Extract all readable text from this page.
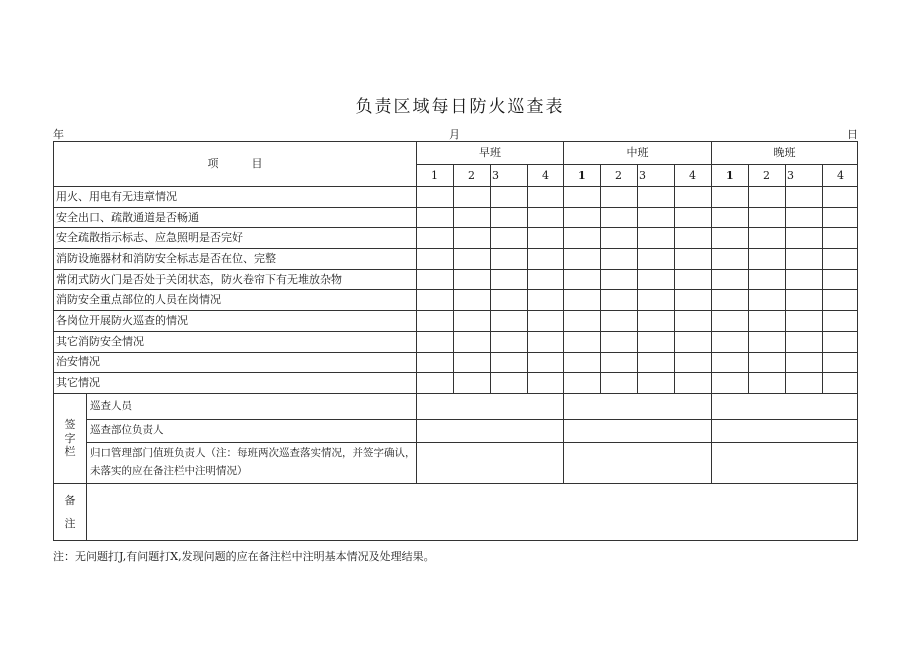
负责区域每日防火巡查表
年	月	日
项　　　目		早班				中班				晚班			
		1	2	3	4	1	2	3	4	1	2	3	4
用火、用电有无违章情况													
安全出口、疏散通道是否畅通													
安全疏散指示标志、应急照明是否完好													
消防设施器材和消防安全标志是否在位、完整													
常闭式防火门是否处于关闭状态，防火卷帘下有无堆放杂物													
消防安全重点部位的人员在岗情况													
各岗位开展防火巡查的情况													
其它消防安全情况													
治安情况													
其它情况													
签
字
栏	巡查人员												
	巡查部位负责人												
	归口管理部门值班负责人（注：每班两次巡查落实情况，并签字确认，未落实的应在备注栏中注明情况）												
备
注													
注：无问题打J,有问题打X,发现问题的应在备注栏中注明基本情况及处理结果。
